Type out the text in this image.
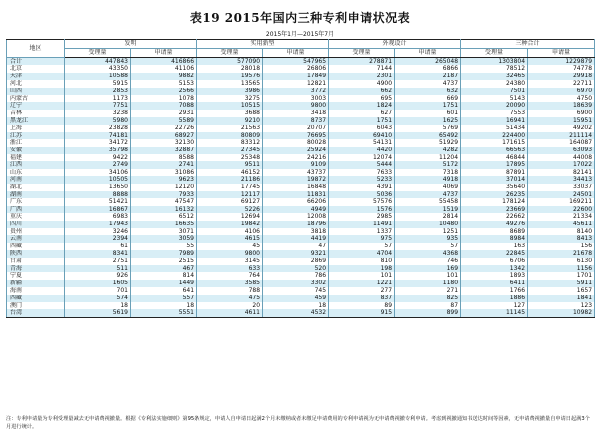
表19 2015年国内三种专利申请状况表
2015年1月—2015年7月
地区	发明		实用新型		外观设计		三种合计	
	受理量	申请量	受理量	申请量	受理量	申请量	受理量	申请量
合计	447843	416866	577090	547965	278871	265048	1303804	1229879
北京	43350	41106	28018	26806	7144	6866	78512	74778
天津	10588	9882	19576	17849	2301	2187	32465	29918
河北	5915	5153	13565	12821	4900	4737	24380	22711
山西	2853	2566	3986	3772	662	632	7501	6970
内蒙古	1173	1078	3275	3003	695	669	5143	4750
辽宁	7751	7088	10515	9800	1824	1751	20090	18639
吉林	3238	2931	3688	3418	627	601	7553	6900
黑龙江	5980	5589	9210	8737	1751	1625	16941	15951
上海	23828	22726	21563	20707	6043	5769	51434	49202
江苏	74181	68927	80809	76695	69410	65492	224400	211114
浙江	34172	32130	83312	80028	54131	51929	171615	164087
安徽	35798	32887	27345	25924	4420	4282	66563	63093
福建	9422	8588	25348	24216	12074	11204	46844	44008
江西	2749	2741	9511	9109	5444	5172	17895	17022
山东	34106	31086	46152	43737	7633	7318	87891	82141
河南	10505	9623	21186	19872	5233	4918	37014	34413
湖北	13650	12120	17745	16848	4391	4069	35640	33037
湖南	8888	7933	12117	11831	5036	4737	26235	24501
广东	51421	47547	69127	66206	57576	55458	178124	169211
广西	16867	16132	5226	4949	1576	1519	23669	22600
重庆	6983	6512	12694	12008	2985	2814	22662	21334
四川	17943	16635	19842	18796	11491	10480	49276	45611
贵州	3246	3071	4106	3818	1337	1251	8689	8140
云南	2394	3059	4615	4419	975	935	8984	8413
西藏	61	55	45	47	57	57	163	156
陕西	8341	7989	9800	9321	4704	4368	22845	21678
甘肃	2751	2515	3145	2869	810	746	6706	6130
青海	511	467	633	520	198	169	1342	1156
宁夏	926	814	764	786	101	101	1893	1701
新疆	1605	1449	3585	3302	1221	1180	6411	5911
海南	701	641	788	745	277	271	1766	1657
西藏	574	557	475	459	837	825	1886	1841
澳门	18	18	20	18	89	87	127	123
台湾	5619	5551	4611	4532	915	899	11145	10982
注：专利申请量为专利受理量减去无申请费视撤量。根据《专利法实施细则》第95条规定，申请人自申请日起满2个月未缴纳或者未缴足申请费用的专利申请视为无申请费视撤专利申请。考虑到视撤通知书送达时间等因素，无申请费视撤量自申请日起满3个月进行统计。
